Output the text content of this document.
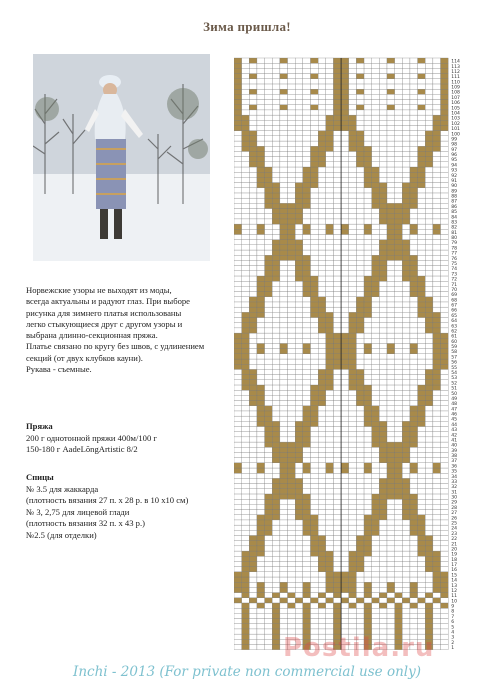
Зима пришла!

Норвежские узоры не выходят из моды,

всегда актуальны и радуют глаз. При выборе

рисунка для зимнего платья использованы

легко стыкующиеся друг с другом узоры и

выбрана длинно-секционная пряжа.

Платье связано по кругу без швов, с удлинением

секций (от двух клубков кауни).

Рукава - съемные.

Пряжа
200 г однотонной пряжи 400м/100 г
150-180 г AadeLõngArtistic 8/2
Спицы
№ 3.5 для жаккарда
(плотность вязания 27 п. x 28 р. в 10 x10 см)
№ 3, 2,75 для лицевой глади
(плотность вязания 32 п. x 43 р.)
№2.5 (для отделки)
1
2
3
4
5
6
7
8
9
10
11
12
13
14
15
16
17
18
19
20
21
22
23
24
25
26
27
28
29
30
31
32
33
34
35
36
37
38
39
40
41
42
43
44
45
46
47
48
49
50
51
52
53
54
55
56
57
58
59
60
61
62
63
64
65
66
67
68
69
70
71
72
73
74
75
76
77
78
79
80
81
82
83
84
85
86
87
88
89
90
91
92
93
94
95
96
97
98
99
100
101
102
103
104
105
106
107
108
109
110
111
112
113
114
Postila.ru
Inchi - 2013 (For private non commercial use only)
